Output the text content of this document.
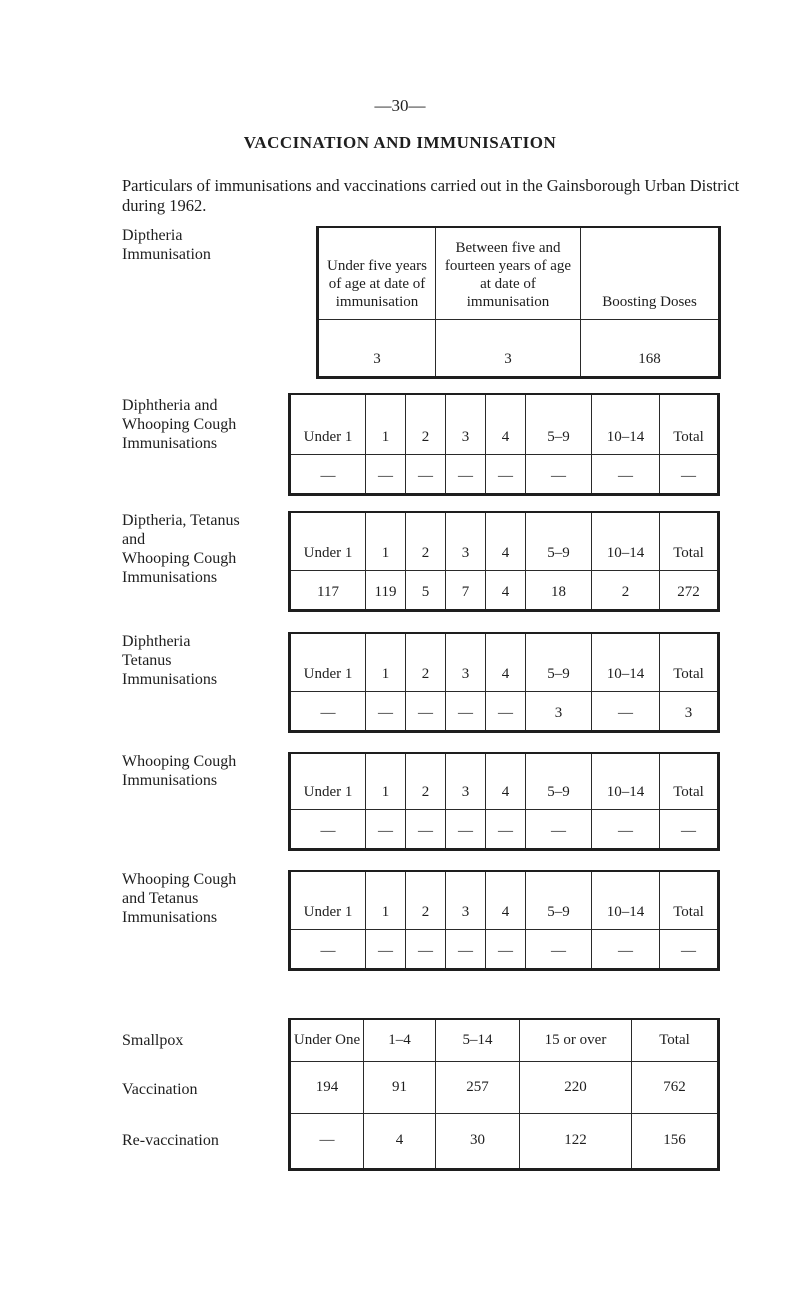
—30—
VACCINATION AND IMMUNISATION
Particulars of immunisations and vaccinations carried out in the Gainsborough Urban District during 1962.
Diptheria
Immunisation
Under five years of age at date of immunisation	Between five and fourteen years of age at date of immunisation	Boosting Doses
3	3	168
Diphtheria and
Whooping Cough
Immunisations	Under 1	1	2	3	4	5–9	10–14	Total
—	—	—	—	—	—	—	—
Diptheria, Tetanus
and
Whooping Cough
Immunisations
Under 1	1	2	3	4	5–9	10–14	Total
117	119	5	7	4	18	2	272
Diphtheria
Tetanus
Immunisations	Under 1	1	2	3	4	5–9	10–14	Total
—	—	—	—	—	3	—	3
Whooping Cough
Immunisations
Under 1	1	2	3	4	5–9	10–14	Total
—	—	—	—	—	—	—	—
Whooping Cough
and Tetanus
Immunisations	Under 1	1	2	3	4	5–9	10–14	Total
—	—	—	—	—	—	—	—
Smallpox
Vaccination
Re-vaccination
Under One	1–4	5–14	15 or over	Total
194	91	257	220	762
—	4	30	122	156
